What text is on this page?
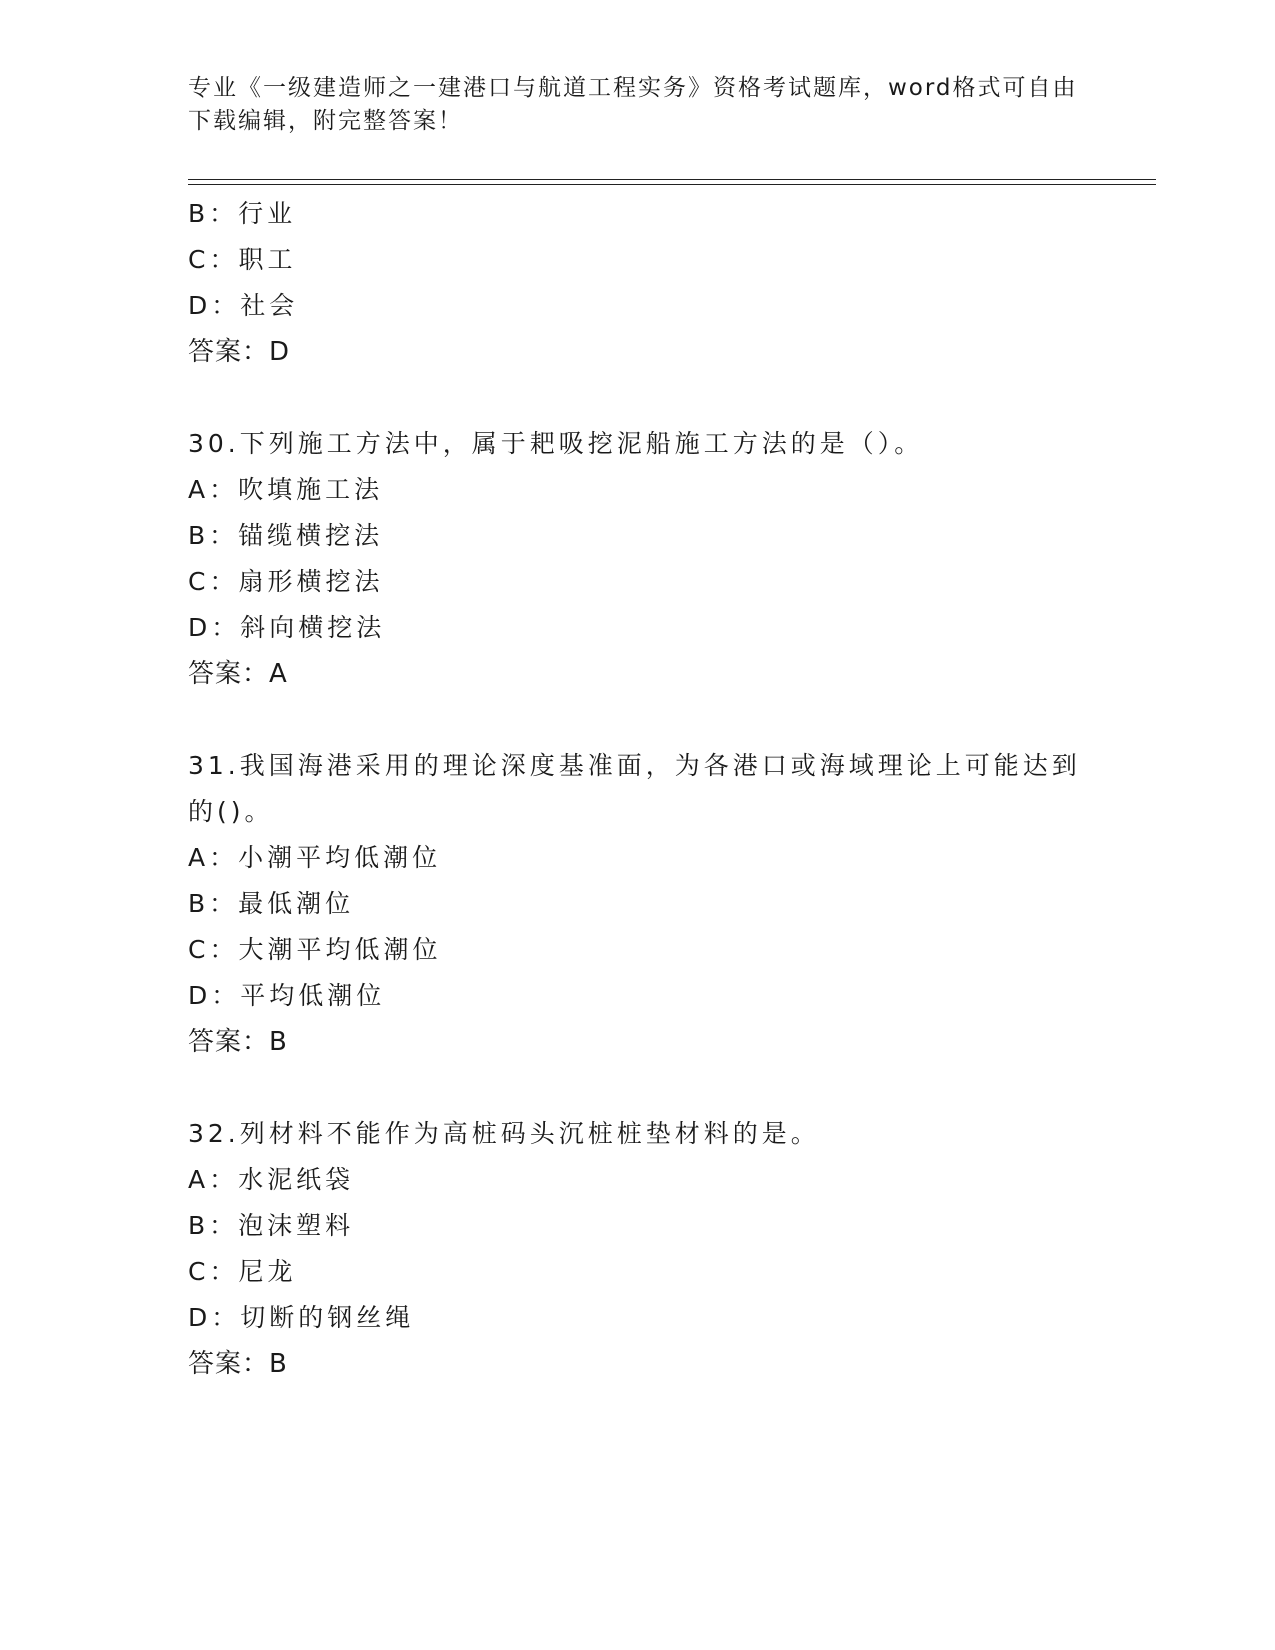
专业《一级建造师之一建港口与航道工程实务》资格考试题库，word格式可自由
下载编辑，附完整答案！
B：行业
C：职工
D：社会
答案：D
30.下列施工方法中，属于耙吸挖泥船施工方法的是（）。
A：吹填施工法
B：锚缆横挖法
C：扇形横挖法
D：斜向横挖法
答案：A
31.我国海港采用的理论深度基准面，为各港口或海域理论上可能达到
的()。
A：小潮平均低潮位
B：最低潮位
C：大潮平均低潮位
D：平均低潮位
答案：B
32.列材料不能作为高桩码头沉桩桩垫材料的是。
A：水泥纸袋
B：泡沫塑料
C：尼龙
D：切断的钢丝绳
答案：B
